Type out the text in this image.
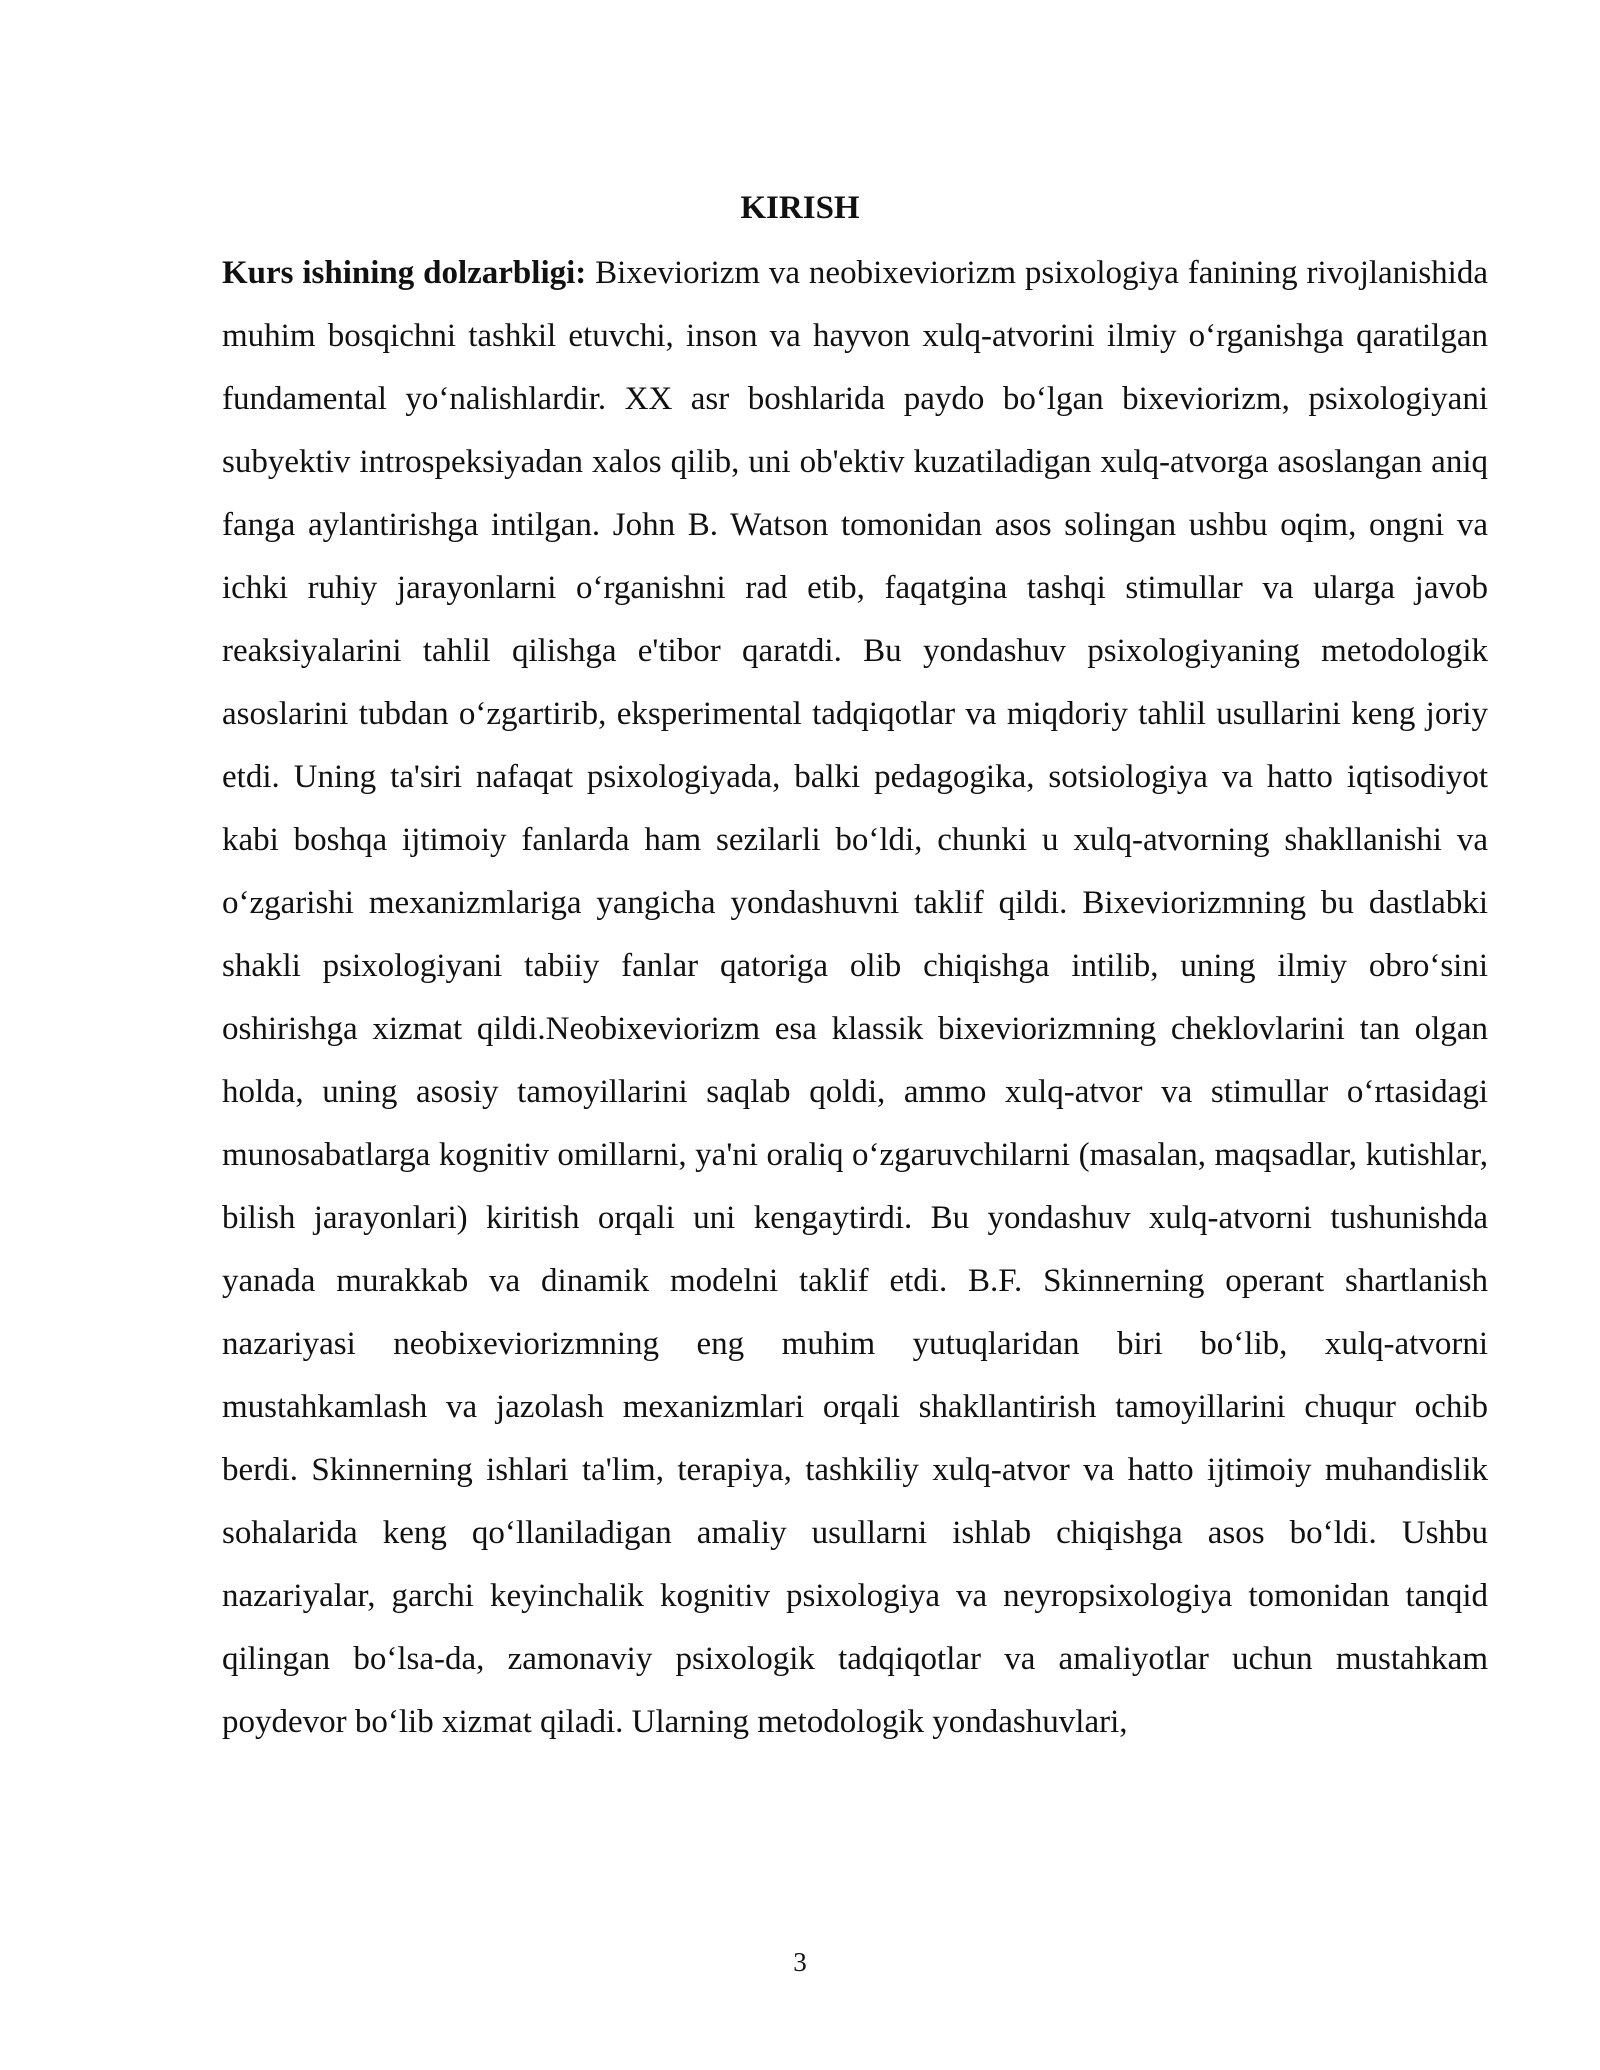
KIRISH

Kurs ishining dolzarbligi: Bixeviorizm va neobixeviorizm psixologiya fanining rivojlanishida muhim bosqichni tashkil etuvchi, inson va hayvon xulq-atvorini ilmiy o‘rganishga qaratilgan fundamental yo‘nalishlardir. XX asr boshlarida paydo bo‘lgan bixeviorizm, psixologiyani subyektiv introspeksiyadan xalos qilib, uni ob'ektiv kuzatiladigan xulq-atvorga asoslangan aniq fanga aylantirishga intilgan. John B. Watson tomonidan asos solingan ushbu oqim, ongni va ichki ruhiy jarayonlarni o‘rganishni rad etib, faqatgina tashqi stimullar va ularga javob reaksiyalarini tahlil qilishga e'tibor qaratdi. Bu yondashuv psixologiyaning metodologik asoslarini tubdan o‘zgartirib, eksperimental tadqiqotlar va miqdoriy tahlil usullarini keng joriy etdi. Uning ta'siri nafaqat psixologiyada, balki pedagogika, sotsiologiya va hatto iqtisodiyot kabi boshqa ijtimoiy fanlarda ham sezilarli bo‘ldi, chunki u xulq-atvorning shakllanishi va o‘zgarishi mexanizmlariga yangicha yondashuvni taklif qildi. Bixeviorizmning bu dastlabki shakli psixologiyani tabiiy fanlar qatoriga olib chiqishga intilib, uning ilmiy obro‘sini oshirishga xizmat qildi.Neobixeviorizm esa klassik bixeviorizmning cheklovlarini tan olgan holda, uning asosiy tamoyillarini saqlab qoldi, ammo xulq-atvor va stimullar o‘rtasidagi munosabatlarga kognitiv omillarni, ya'ni oraliq o‘zgaruvchilarni (masalan, maqsadlar, kutishlar, bilish jarayonlari) kiritish orqali uni kengaytirdi. Bu yondashuv xulq-atvorni tushunishda yanada murakkab va dinamik modelni taklif etdi. B.F. Skinnerning operant shartlanish nazariyasi neobixeviorizmning eng muhim yutuqlaridan biri bo‘lib, xulq-atvorni mustahkamlash va jazolash mexanizmlari orqali shakllantirish tamoyillarini chuqur ochib berdi. Skinnerning ishlari ta'lim, terapiya, tashkiliy xulq-atvor va hatto ijtimoiy muhandislik sohalarida keng qo‘llaniladigan amaliy usullarni ishlab chiqishga asos bo‘ldi. Ushbu nazariyalar, garchi keyinchalik kognitiv psixologiya va neyropsixologiya tomonidan tanqid qilingan bo‘lsa-da, zamonaviy psixologik tadqiqotlar va amaliyotlar uchun mustahkam poydevor bo‘lib xizmat qiladi. Ularning metodologik yondashuvlari,

3
